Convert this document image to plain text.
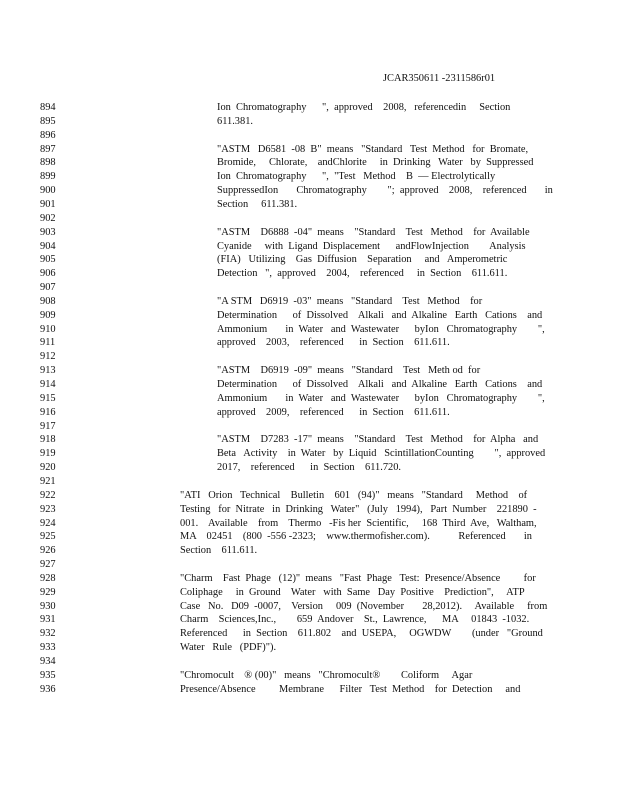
JCAR350611 -2311586r01
894	Ion  Chromatography      ",  approved    2008,   referencedin     Section
895	611.381.
896
897	"ASTM   D6581  -08  B"  means   "Standard   Test  Method   for  Bromate,
898	Bromide,     Chlorate,    andChlorite     in  Drinking   Water   by  Suppressed
899	Ion  Chromatography      ",  "Test   Method    B  — Electrolytically
900	SuppressedIon       Chromatography        ";  approved    2008,    referenced       in
901	Section     611.381.
902
903	"ASTM    D6888  -04"  means    "Standard    Test   Method    for  Available
904	Cyanide     with  Ligand  Displacement      andFlowInjection        Analysis
905	(FIA)   Utilizing    Gas  Diffusion    Separation     and   Amperometric
906	Detection   ",  approved    2004,    referenced     in  Section    611.611.
907
908	"A STM   D6919  -03"  means   "Standard    Test   Method    for
909	Determination      of  Dissolved    Alkali   and  Alkaline   Earth   Cations    and
910	Ammonium       in  Water   and  Wastewater      byIon   Chromatography        ",
911	approved    2003,    referenced      in  Section    611.611.
912
913	"ASTM    D6919  -09"  means   "Standard    Test   Meth od  for
914	Determination      of  Dissolved    Alkali   and  Alkaline   Earth   Cations    and
915	Ammonium       in  Water   and  Wastewater      byIon   Chromatography        ",
916	approved    2009,    referenced      in  Section    611.611.
917
918	"ASTM    D7283  -17"  means    "Standard    Test   Method    for  Alpha   and
919	Beta   Activity    in  Water   by  Liquid   ScintillationCounting        ",  approved
920	2017,    referenced      in  Section    611.720.
921
922	"ATI   Orion   Technical    Bulletin    601   (94)"   means   "Standard     Method    of
923	Testing   for  Nitrate   in  Drinking   Water"   (July   1994),   Part  Number    221890  -
924	001.    Available    from    Thermo   -Fis her  Scientific,     168  Third  Ave,   Waltham,
925	MA    02451    (800  -556 -2323;    www.thermofisher.com).           Referenced       in
926	Section    611.611.
927
928	"Charm    Fast  Phage   (12)"  means   "Fast  Phage   Test:  Presence/Absence         for
929	Coliphage     in  Ground    Water   with  Same   Day  Positive    Prediction",     ATP
930	Case   No.   D09  -0007,    Version     009  (November       28,2012).     Available     from
931	Charm    Sciences,Inc.,        659  Andover    St.,  Lawrence,      MA     01843  -1032.
932	Referenced      in  Section    611.802    and  USEPA,     OGWDW        (under   "Ground
933	Water   Rule   (PDF)").
934
935	"Chromocult    ® (00)"   means   "Chromocult®        Coliform     Agar
936	Presence/Absence         Membrane      Filter   Test  Method    for  Detection     and
